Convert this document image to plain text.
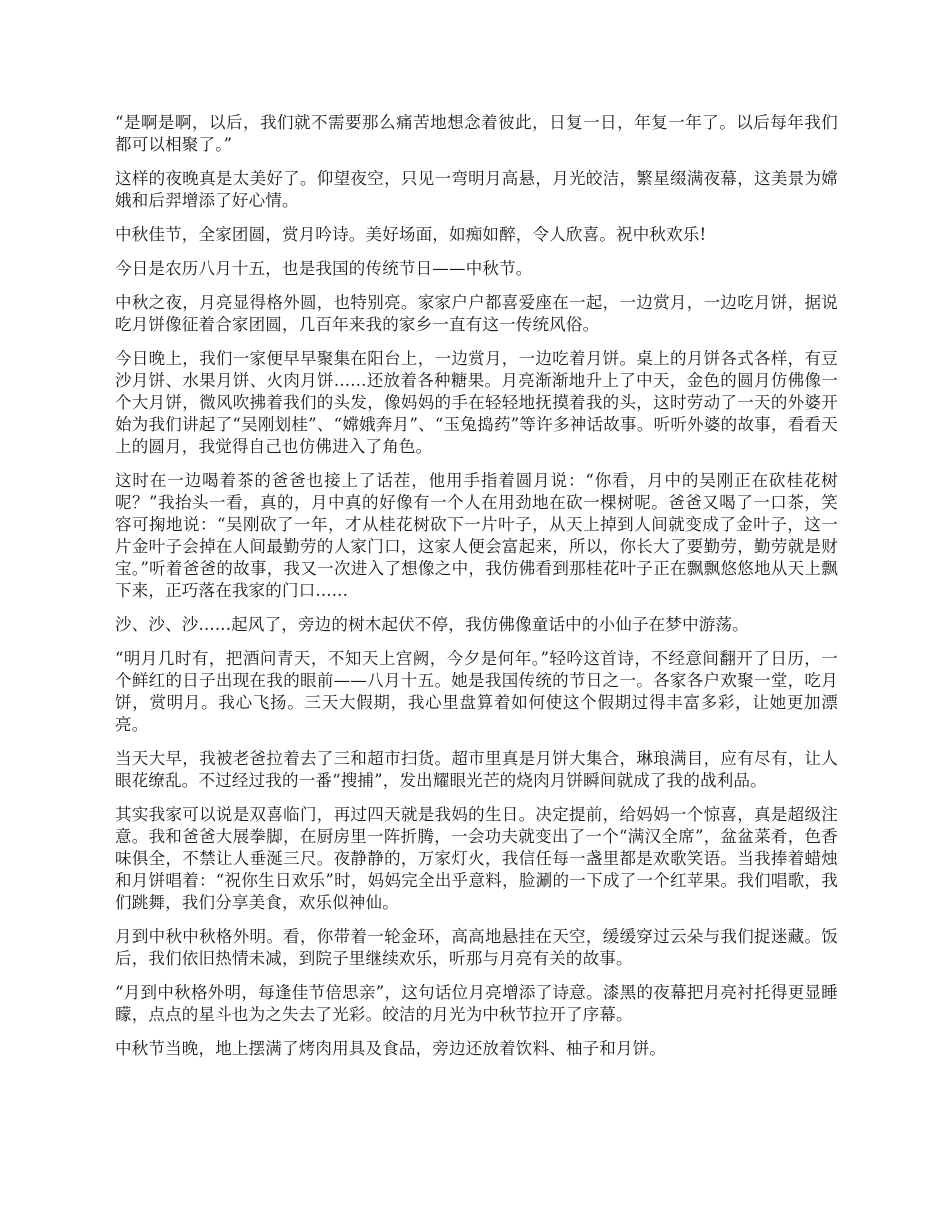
“是啊是啊，以后，我们就不需要那么痛苦地想念着彼此，日复一日，年复一年了。以后每年我们都可以相聚了。”

这样的夜晚真是太美好了。仰望夜空，只见一弯明月高悬，月光皎洁，繁星缀满夜幕，这美景为嫦娥和后羿增添了好心情。

中秋佳节，全家团圆，赏月吟诗。美好场面，如痴如醉，令人欣喜。祝中秋欢乐!

今日是农历八月十五，也是我国的传统节日——中秋节。

中秋之夜，月亮显得格外圆，也特别亮。家家户户都喜爱座在一起，一边赏月，一边吃月饼，据说吃月饼像征着合家团圆，几百年来我的家乡一直有这一传统风俗。

今日晚上，我们一家便早早聚集在阳台上，一边赏月，一边吃着月饼。桌上的月饼各式各样，有豆沙月饼、水果月饼、火肉月饼......还放着各种糖果。月亮渐渐地升上了中天，金色的圆月仿佛像一个大月饼，微风吹拂着我们的头发，像妈妈的手在轻轻地抚摸着我的头，这时劳动了一天的外婆开始为我们讲起了“吴刚划桂”、“嫦娥奔月”、“玉兔捣药”等许多神话故事。听听外婆的故事，看看天上的圆月，我觉得自己也仿佛进入了角色。

这时在一边喝着茶的爸爸也接上了话茬，他用手指着圆月说：“你看，月中的吴刚正在砍桂花树呢？”我抬头一看，真的，月中真的好像有一个人在用劲地在砍一棵树呢。爸爸又喝了一口茶，笑容可掬地说：“吴刚砍了一年，才从桂花树砍下一片叶子，从天上掉到人间就变成了金叶子，这一片金叶子会掉在人间最勤劳的人家门口，这家人便会富起来，所以，你长大了要勤劳，勤劳就是财宝。”听着爸爸的故事，我又一次进入了想像之中，我仿佛看到那桂花叶子正在飘飘悠悠地从天上飘下来，正巧落在我家的门口......

沙、沙、沙......起风了，旁边的树木起伏不停，我仿佛像童话中的小仙子在梦中游荡。

“明月几时有，把酒问青天，不知天上宫阙，今夕是何年。”轻吟这首诗，不经意间翻开了日历，一个鲜红的日子出现在我的眼前——八月十五。她是我国传统的节日之一。各家各户欢聚一堂，吃月饼，赏明月。我心飞扬。三天大假期，我心里盘算着如何使这个假期过得丰富多彩，让她更加漂亮。

当天大早，我被老爸拉着去了三和超市扫货。超市里真是月饼大集合，琳琅满目，应有尽有，让人眼花缭乱。不过经过我的一番“搜捕”，发出耀眼光芒的烧肉月饼瞬间就成了我的战利品。

其实我家可以说是双喜临门，再过四天就是我妈的生日。决定提前，给妈妈一个惊喜，真是超级注意。我和爸爸大展拳脚，在厨房里一阵折腾，一会功夫就变出了一个“满汉全席”，盆盆菜肴，色香味俱全，不禁让人垂涎三尺。夜静静的，万家灯火，我信任每一盏里都是欢歌笑语。当我捧着蜡烛和月饼唱着：“祝你生日欢乐”时，妈妈完全出乎意料，脸涮的一下成了一个红苹果。我们唱歌，我们跳舞，我们分享美食，欢乐似神仙。

月到中秋中秋格外明。看，你带着一轮金环，高高地悬挂在天空，缓缓穿过云朵与我们捉迷藏。饭后，我们依旧热情未减，到院子里继续欢乐，听那与月亮有关的故事。

“月到中秋格外明，每逢佳节倍思亲”，这句话位月亮增添了诗意。漆黑的夜幕把月亮衬托得更显睡矇，点点的星斗也为之失去了光彩。皎洁的月光为中秋节拉开了序幕。

中秋节当晚，地上摆满了烤肉用具及食品，旁边还放着饮料、柚子和月饼。
